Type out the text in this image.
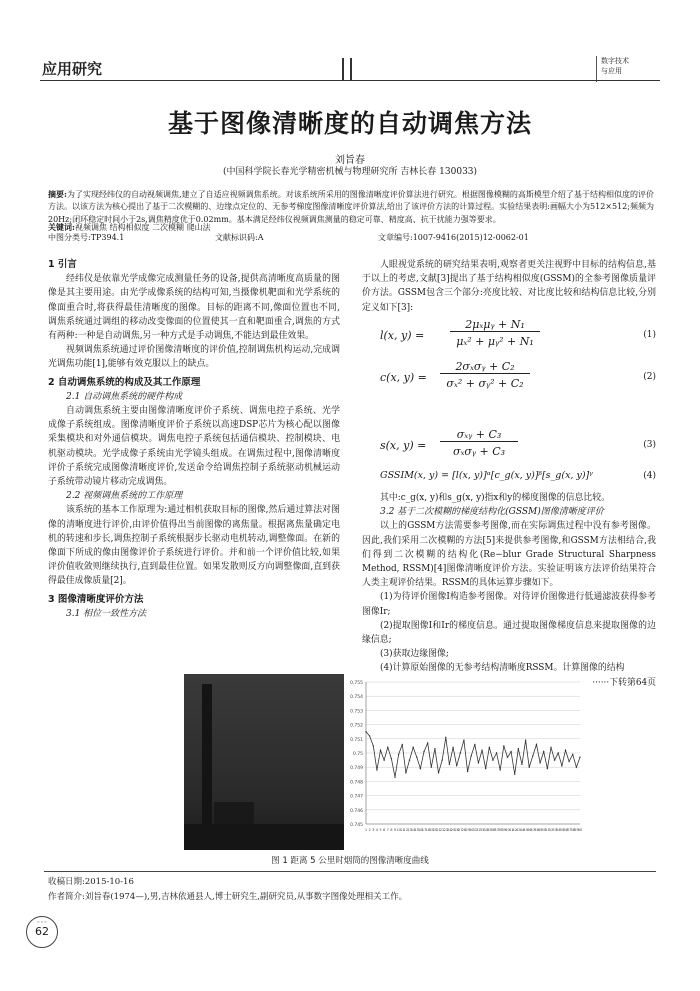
应用研究	数字技术
与应用
基于图像清晰度的自动调焦方法
刘旨春
(中国科学院长春光学精密机械与物理研究所 吉林长春 130033)
摘要:为了实现经纬仪的自动视频调焦,建立了自适应视频调焦系统。对该系统所采用的图像清晰度评价算法进行研究。根据图像模糊的高斯模型介绍了基于结构相似度的评价方法。以该方法为核心提出了基于二次模糊的、边缘点定位的、无参考梯度图像清晰度评价算法,给出了该评价方法的计算过程。实验结果表明:画幅大小为512×512;频频为20Hz;闭环稳定时间小于2s,调焦精度优于0.02mm。基本满足经纬仪视频调焦测量的稳定可靠、精度高、抗干扰能力强等要求。
关键词:视频调焦 结构相似度 二次模糊 爬山法
中图分类号:TP394.1	文献标识码:A	文章编号:1007-9416(2015)12-0062-01
1 引言

经纬仪是依靠光学成像完成测量任务的设备,提供高清晰度高质量的图像是其主要用途。由光学成像系统的结构可知,当摄像机靶面和光学系统的像面重合时,将获得最佳清晰度的图像。目标的距离不同,像面位置也不同,调焦系统通过调组的移动改变像面的位置使其一直和靶面重合,调焦的方式有两种:一种是自动调焦,另一种方式是手动调焦,不能达到最佳效果。

视频调焦系统通过评价图像清晰度的评价值,控制调焦机构运动,完成调光调焦功能[1],能够有效克服以上的缺点。

2 自动调焦系统的构成及其工作原理
2.1 自动调焦系统的硬件构成

自动调焦系统主要由图像清晰度评价子系统、调焦电控子系统、光学成像子系统组成。图像清晰度评价子系统以高速DSP芯片为核心配以图像采集模块和对外通信模块。调焦电控子系统包括通信模块、控制模块、电机驱动模块。光学成像子系统由光学镜头组成。在调焦过程中,图像清晰度评价子系统完成图像清晰度评价,发送命令给调焦控制子系统驱动机械运动子系统带动镜片移动完成调焦。

2.2 视频调焦系统的工作原理

该系统的基本工作原理为:通过相机获取目标的图像,然后通过算法对图像的清晰度进行评价,由评价值得出当前图像的离焦量。根据离焦量确定电机的转速和步长,调焦控制子系统根据步长驱动电机转动,调整像面。在新的像面下所成的像由图像评价子系统进行评价。并和前一个评价值比较,如果评价值收敛则继续执行,直到最佳位置。如果发散则反方向调整像面,直到获得最佳成像质量[2]。

3 图像清晰度评价方法
3.1 相位一致性方法

人眼视觉系统的研究结果表明,观察者更关注视野中目标的结构信息,基于以上的考虑,文献[3]提出了基于结构相似度(GSSM)的全参考图像质量评价方法。GSSM包含三个部分:亮度比较、对比度比较和结构信息比较,分别定义如下[3]:

l(x, y) =
2μₓμᵧ + N₁
μₓ² + μᵧ² + N₁	(1)
c(x, y) =
2σₓσᵧ + C₂
σₓ² + σᵧ² + C₂	(2)
s(x, y) =
σₓᵧ + C₃
σₓσᵧ + C₃	(3)
GSSIM(x, y) = [l(x, y)]ᵅ[c_g(x, y)]ᵝ[s_g(x, y)]ᵞ	(4)

其中:c_g(x, y)和s_g(x, y)指x和y的梯度图像的信息比较。

3.2 基于二次模糊的梯度结构化(GSSM)图像清晰度评价

以上的GSSM方法需要参考图像,而在实际调焦过程中没有参考图像。因此,我们采用二次模糊的方法[5]来提供参考图像,和GSSM方法相结合,我们得到二次模糊的结构化(Re−blur Grade Structural Sharpness Method, RSSM)[4]图像清晰度评价方法。实验证明该方法评价结果符合人类主观评价结果。RSSM的具体运算步骤如下。

(1)为待评价图像I构造参考图像。对待评价图像进行低通滤波获得参考图像Ir;

(2)提取图像I和Ir的梯度信息。通过提取图像梯度信息来提取图像的边缘信息;

(3)获取边缘图像;

(4)计算原始图像的无参考结构清晰度RSSM。计算图像的结构

······下转第64页
0.755
0.754
0.753
0.752
0.751
0.75
0.749
0.748
0.747
0.746
0.745
1 2 3 4 5 6 7 8 9 10 11 12 13 14 15 16 17 18 19 20 21 22 23 24 25 26 27 28 29 30 31 32 33 34 35 36 37 38 39 40 41 42 43 44 45 46 47 48 49 50 51 52 53 54 55 56 57 58 59 60
图 1 距离 5 公里时烟筒的图像清晰度曲线
收稿日期:2015-10-16
作者简介:刘旨春(1974—),男,吉林依通县人,博士研究生,副研究员,从事数字图像处理相关工作。
◦◦◦
62
